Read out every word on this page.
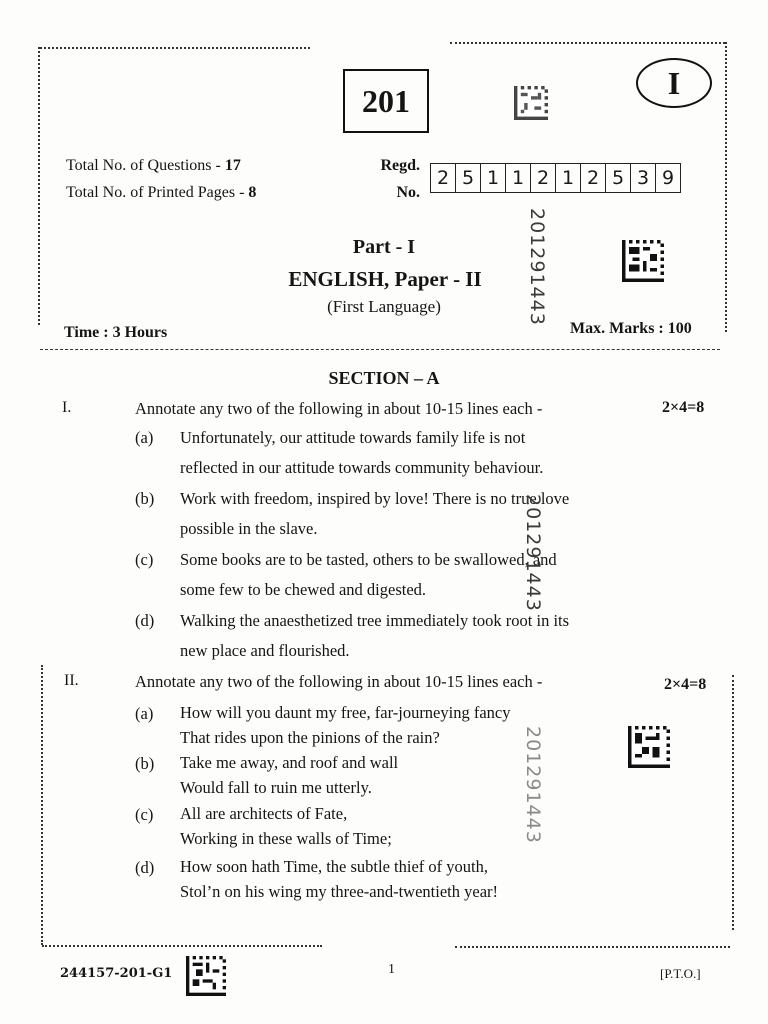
201	I
Total No. of Questions - 17
Total No. of Printed Pages - 8
Regd.
No.
2 5 1 1 2 1 2 5 3 9
201291443
Part - I
ENGLISH, Paper - II
(First Language)
Time : 3 Hours	Max. Marks : 100
SECTION – A
I.	Annotate any two of the following in about 10-15 lines each -	2×4=8
(a) Unfortunately, our attitude towards family life is not
reflected in our attitude towards community behaviour.
(b) Work with freedom, inspired by love! There is no true love
possible in the slave.
(c) Some books are to be tasted, others to be swallowed, and
some few to be chewed and digested.
(d) Walking the anaesthetized tree immediately took root in its
new place and flourished.
201291443
II.	Annotate any two of the following in about 10-15 lines each -	2×4=8
(a) How will you daunt my free, far-journeying fancy
That rides upon the pinions of the rain?
(b) Take me away, and roof and wall
Would fall to ruin me utterly.
(c) All are architects of Fate,
Working in these walls of Time;
(d) How soon hath Time, the subtle thief of youth,
Stol’n on his wing my three-and-twentieth year!
201291443
244157-201-G1	1	[P.T.O.]
